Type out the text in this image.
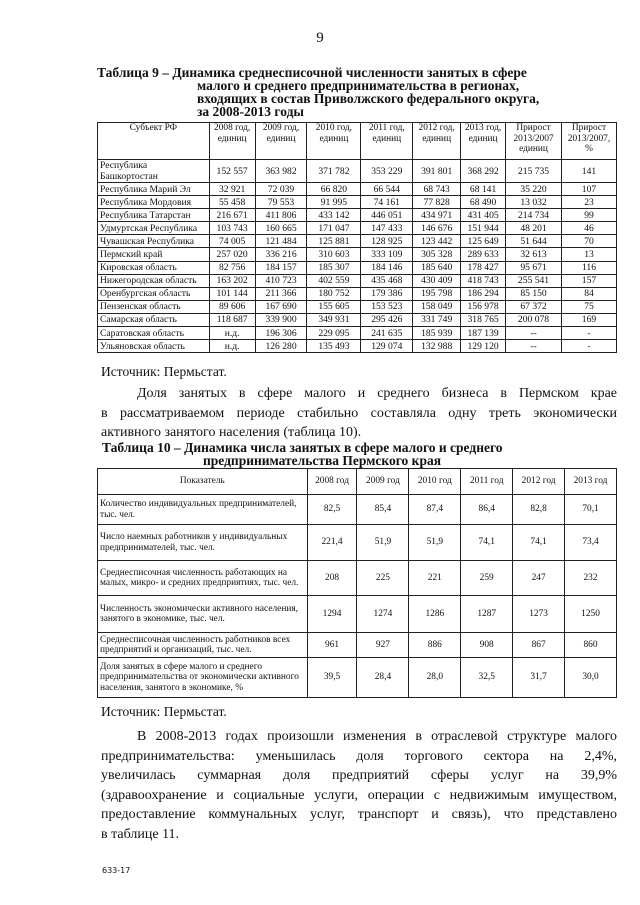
9
Таблица 9 – Динамика среднесписочной численности занятых в сфере
малого и среднего предпринимательства в регионах,
входящих в состав Приволжского федерального округа,
за 2008-2013 годы
Субъект РФ	2008 год, единиц	2009 год, единиц	2010 год, единиц	2011 год, единиц	2012 год, единиц	2013 год, единиц	Прирост 2013/2007 единиц	Прирост 2013/2007, %
Республика Башкортостан	152 557	363 982	371 782	353 229	391 801	368 292	215 735	141
Республика Марий Эл	32 921	72 039	66 820	66 544	68 743	68 141	35 220	107
Республика Мордовия	55 458	79 553	91 995	74 161	77 828	68 490	13 032	23
Республика Татарстан	216 671	411 806	433 142	446 051	434 971	431 405	214 734	99
Удмуртская Республика	103 743	160 665	171 047	147 433	146 676	151 944	48 201	46
Чувашская Республика	74 005	121 484	125 881	128 925	123 442	125 649	51 644	70
Пермский край	257 020	336 216	310 603	333 109	305 328	289 633	32 613	13
Кировская область	82 756	184 157	185 307	184 146	185 640	178 427	95 671	116
Нижегородская область	163 202	410 723	402 559	435 468	430 409	418 743	255 541	157
Оренбургская область	101 144	211 366	180 752	179 386	195 798	186 294	85 150	84
Пензенская область	89 606	167 690	155 605	153 523	158 049	156 978	67 372	75
Самарская область	118 687	339 900	349 931	295 426	331 749	318 765	200 078	169
Саратовская область	н.д.	196 306	229 095	241 635	185 939	187 139	--	-
Ульяновская область	н.д.	126 280	135 493	129 074	132 988	129 120	--	-
Источник: Пермьстат.
Доля занятых в сфере малого и среднего бизнеса в Пермском крае
в рассматриваемом периоде стабильно составляла одну треть экономически
активного занятого населения (таблица 10).
Таблица 10 – Динамика числа занятых в сфере малого и среднего
предпринимательства Пермского края
Показатель	2008 год	2009 год	2010 год	2011 год	2012 год	2013 год
Количество индивидуальных предпринимателей, тыс. чел.	82,5	85,4	87,4	86,4	82,8	70,1
Число наемных работников у индивидуальных предпринимателей, тыс. чел.	221,4	51,9	51,9	74,1	74,1	73,4
Среднесписочная численность работающих на малых, микро- и средних предприятиях, тыс. чел.	208	225	221	259	247	232
Численность экономически активного населения, занятого в экономике, тыс. чел.	1294	1274	1286	1287	1273	1250
Среднесписочная численность работников всех предприятий и организаций, тыс. чел.	961	927	886	908	867	860
Доля занятых в сфере малого и среднего предпринимательства от экономически активного населения, занятого в экономике, %	39,5	28,4	28,0	32,5	31,7	30,0
Источник: Пермьстат.
В 2008-2013 годах произошли изменения в отраслевой структуре малого
предпринимательства: уменьшилась доля торгового сектора на 2,4%,
увеличилась суммарная доля предприятий сферы услуг на 39,9%
(здравоохранение и социальные услуги, операции с недвижимым имуществом,
предоставление коммунальных услуг, транспорт и связь), что представлено
в таблице 11.
633-17
